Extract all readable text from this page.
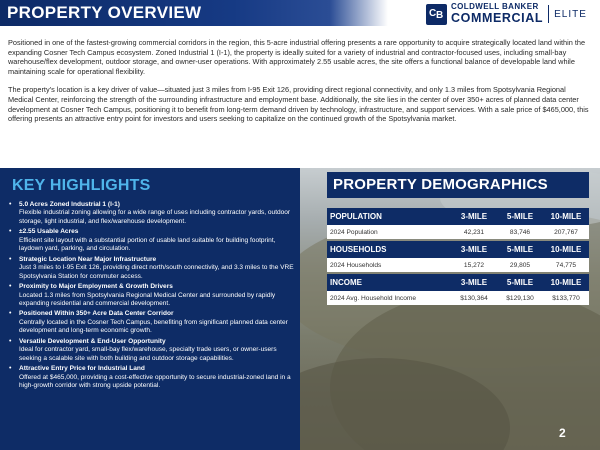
PROPERTY OVERVIEW	C B
COLDWELL BANKER
COMMERCIAL ELITE

Positioned in one of the fastest-growing commercial corridors in the region, this 5-acre industrial offering presents a rare opportunity to acquire strategically located land within the expanding Cosner Tech Campus ecosystem. Zoned Industrial 1 (I-1), the property is ideally suited for a variety of industrial and contractor-focused uses, including small-bay warehouse/flex development, outdoor storage, and owner-user operations. With approximately 2.55 usable acres, the site offers a functional balance of developable land while maintaining scale for operational flexibility.

The property’s location is a key driver of value—situated just 3 miles from I-95 Exit 126, providing direct regional connectivity, and only 1.3 miles from Spotsylvania Regional Medical Center, reinforcing the strength of the surrounding infrastructure and employment base. Additionally, the site lies in the center of over 350+ acres of planned data center development at Cosner Tech Campus, positioning it to benefit from long-term demand driven by technology, infrastructure, and support services. With a sale price of $465,000, this offering presents an attractive entry point for investors and users seeking to capitalize on the continued growth of the Spotsylvania market.

KEY HIGHLIGHTS
• 5.0 Acres Zoned Industrial 1 (I-1)
Flexible industrial zoning allowing for a wide range of uses including contractor yards, outdoor storage, light industrial, and flex/warehouse development.
• ±2.55 Usable Acres
Efficient site layout with a substantial portion of usable land suitable for building footprint, laydown yard, parking, and circulation.
• Strategic Location Near Major Infrastructure
Just 3 miles to I-95 Exit 126, providing direct north/south connectivity, and 3.3 miles to the VRE Spotsylvania Station for commuter access.
• Proximity to Major Employment & Growth Drivers
Located 1.3 miles from Spotsylvania Regional Medical Center and surrounded by rapidly expanding residential and commercial development.
• Positioned Within 350+ Acre Data Center Corridor
Centrally located in the Cosner Tech Campus, benefiting from significant planned data center development and long-term economic growth.
• Versatile Development & End-User Opportunity
Ideal for contractor yard, small-bay flex/warehouse, specialty trade users, or owner-users seeking a scalable site with both building and outdoor storage capabilities.
• Attractive Entry Price for Industrial Land
Offered at $465,000, providing a cost-effective opportunity to secure industrial-zoned land in a high-growth corridor with strong upside potential.
PROPERTY DEMOGRAPHICS
POPULATION	3-MILE	5-MILE	10-MILE
2024 Population	42,231	83,746	207,767
HOUSEHOLDS	3-MILE	5-MILE	10-MILE
2024 Households	15,272	29,805	74,775
INCOME	3-MILE	5-MILE	10-MILE
2024 Avg. Household Income	$130,364	$129,130	$133,770
2
